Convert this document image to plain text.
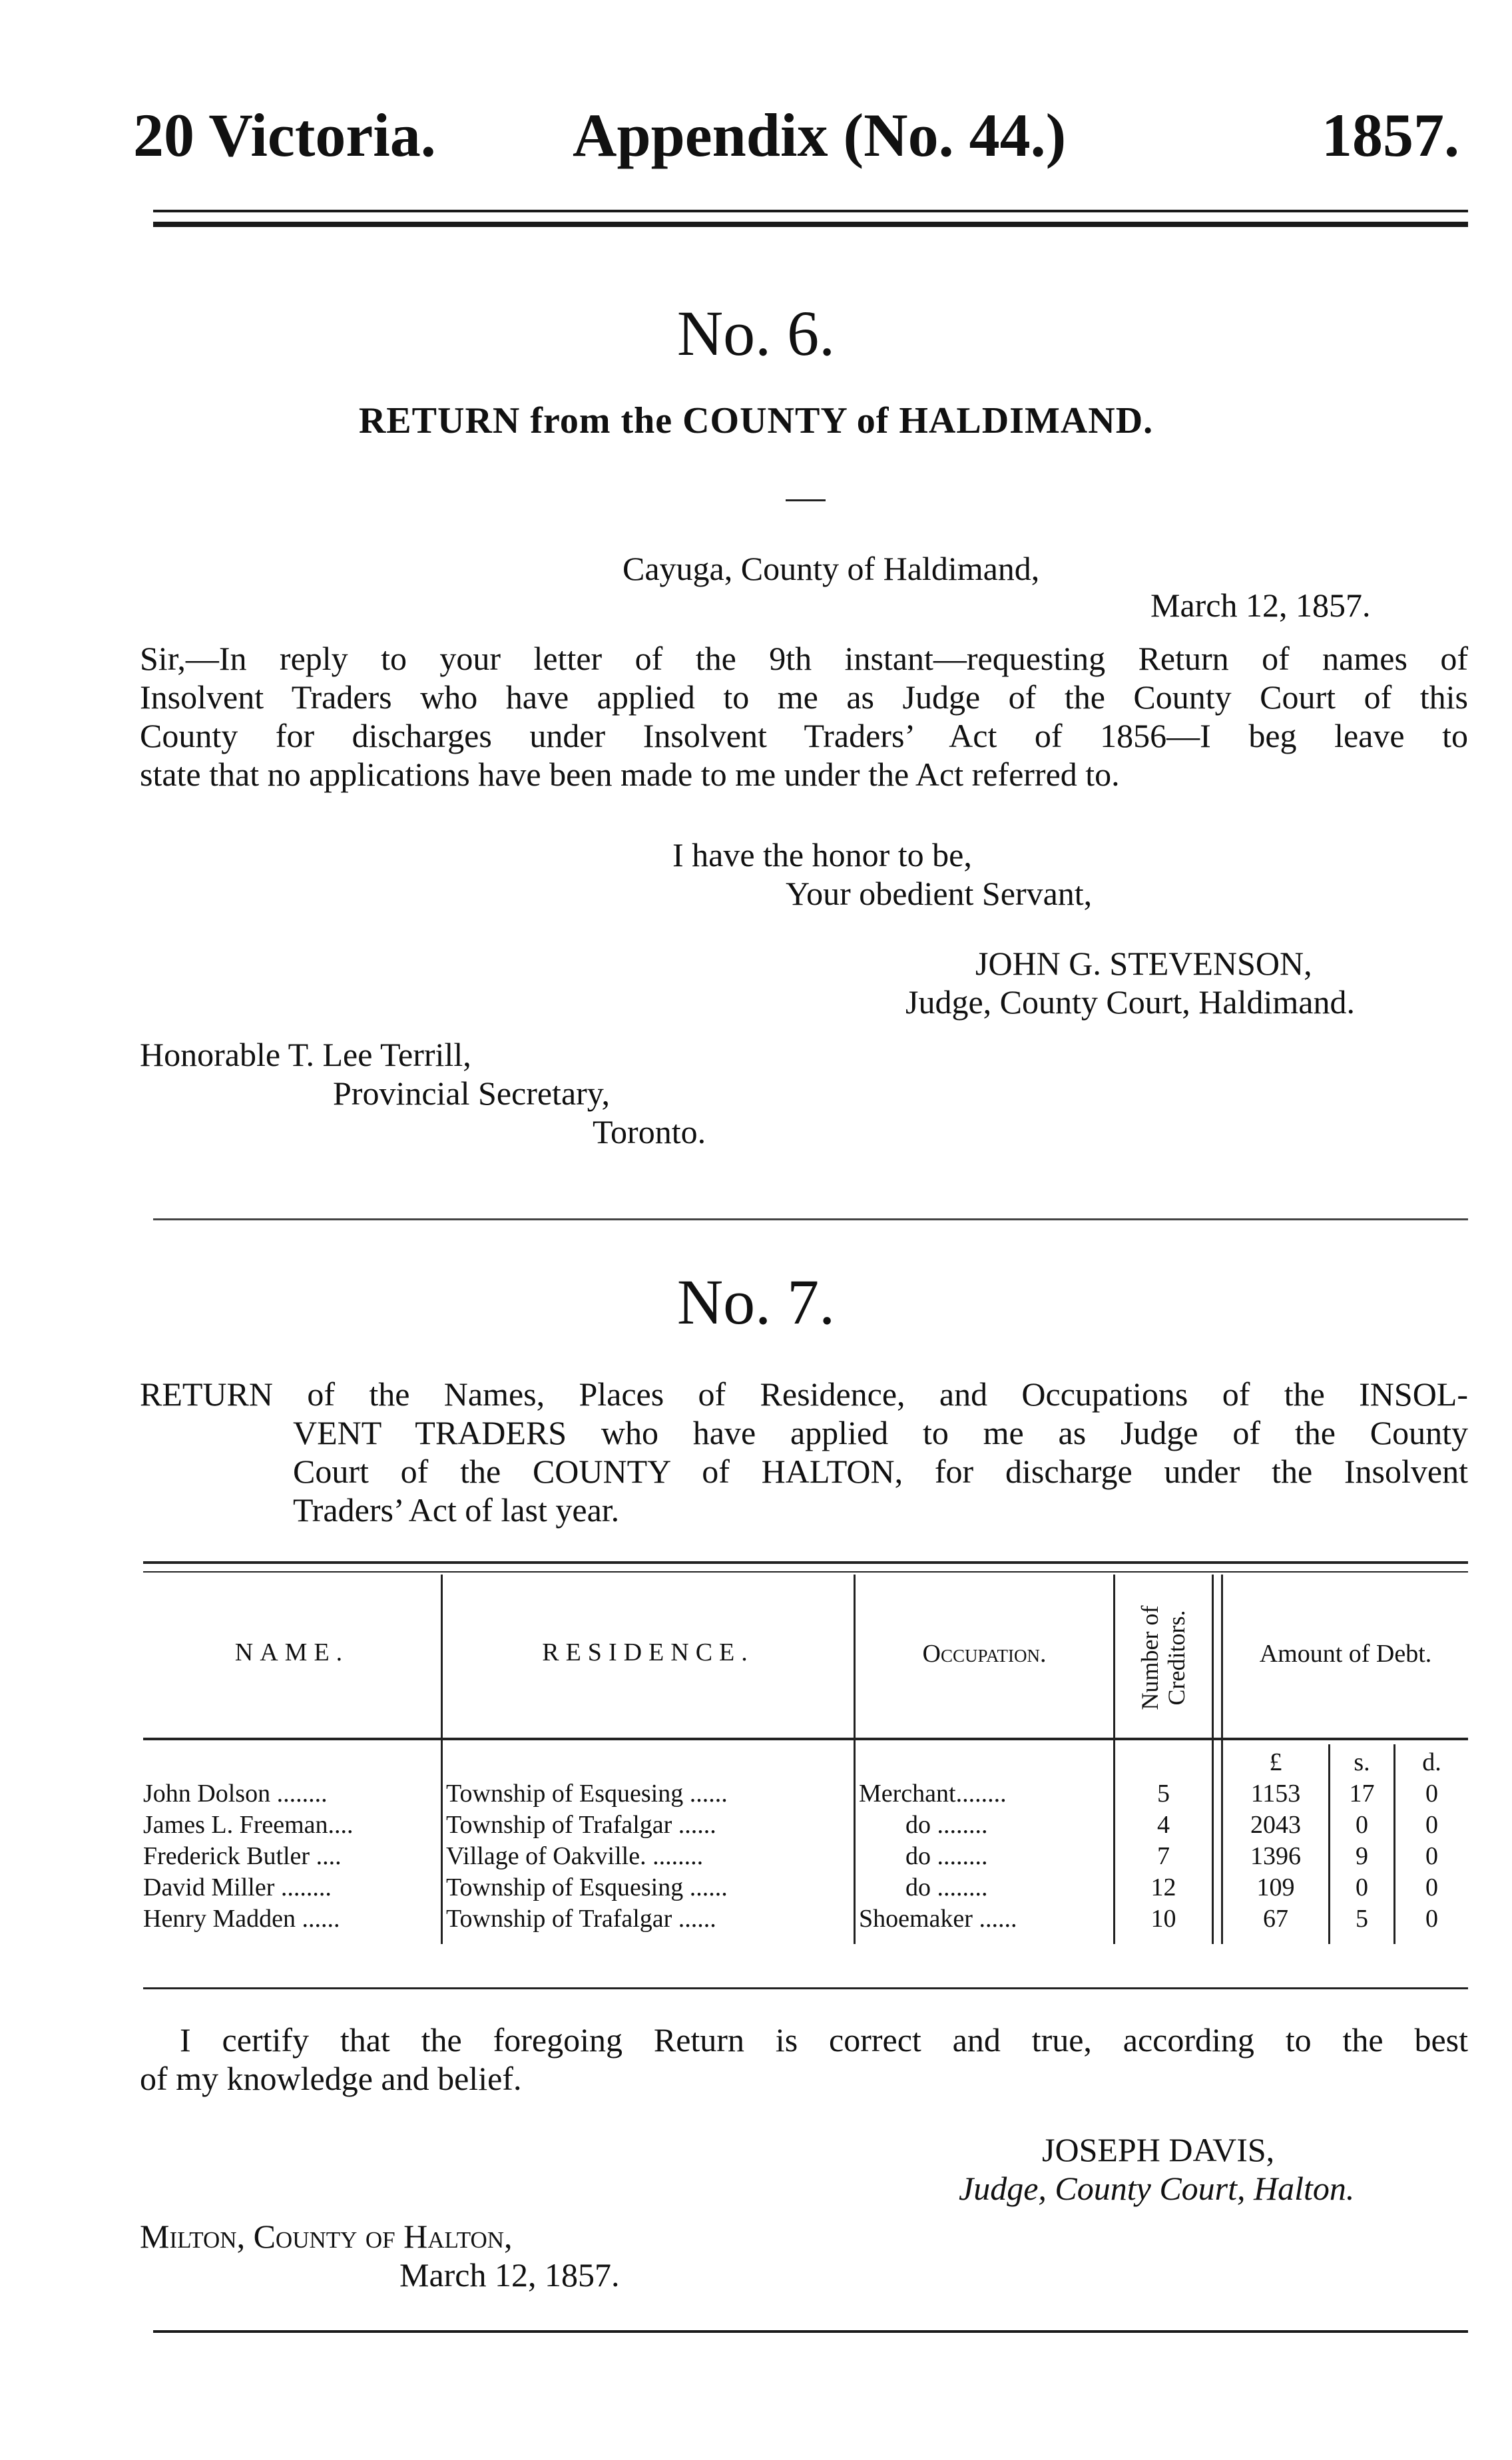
20 Victoria. Appendix (No. 44.)	1857.
No. 6.
RETURN from the COUNTY of HALDIMAND.
Cayuga, County of Haldimand,
March 12, 1857.
Sir,—In reply to your letter of the 9th instant—requesting Return of names of
Insolvent Traders who have applied to me as Judge of the County Court of this
County for discharges under Insolvent Traders’ Act of 1856—I beg leave to
state that no applications have been made to me under the Act referred to.
I have the honor to be,
Your obedient Servant,
JOHN G. STEVENSON,
Judge, County Court, Haldimand.
Honorable T. Lee Terrill,
Provincial Secretary,
Toronto.
No. 7.
RETURN of the Names, Places of Residence, and Occupations of the INSOL-
VENT TRADERS who have applied to me as Judge of the County
Court of the COUNTY of HALTON, for discharge under the Insolvent
Traders’ Act of last year.
NAME.	RESIDENCE.	Occupation.	Number of Creditors.	Amount of Debt.
£	s.	d.
John Dolson ........	Township of Esquesing ......	Merchant........	5	1153	17	0
James L. Freeman....	Township of Trafalgar ......	do ........	4	2043	0	0
Frederick Butler ....	Village of Oakville. ........	do ........	7	1396	9	0
David Miller ........	Township of Esquesing ......	do ........	12	109	0	0
Henry Madden ......	Township of Trafalgar ......	Shoemaker ......	10	67	5	0
I certify that the foregoing Return is correct and true, according to the best
of my knowledge and belief.
JOSEPH DAVIS,
Judge, County Court, Halton.
Milton, County of Halton,
March 12, 1857.
